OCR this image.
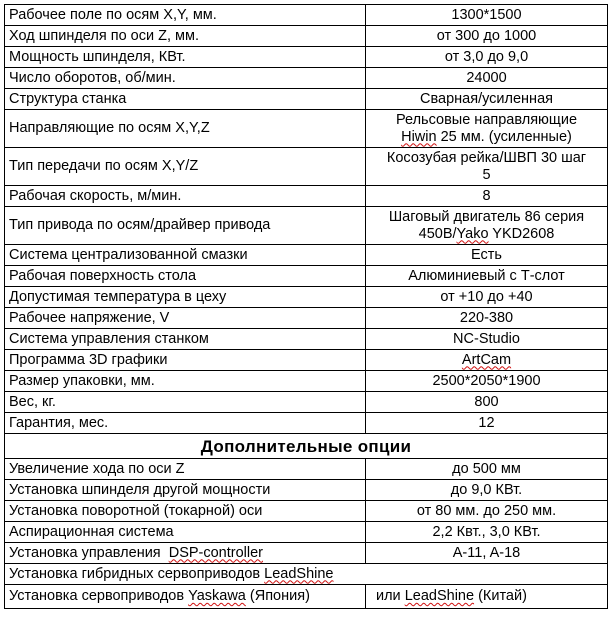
Рабочее поле по осям X,Y, мм.	1300*1500
Ход шпинделя по оси Z, мм.	от 300 до 1000
Мощность шпинделя, КВт.	от 3,0 до 9,0
Число оборотов, об/мин.	24000
Структура станка	Сварная/усиленная
Направляющие по осям X,Y,Z	Рельсовые направляющие
Hiwin 25 мм. (усиленные)
Тип передачи по осям X,Y/Z	Косозубая рейка/ШВП 30 шаг
5
Рабочая скорость, м/мин.	8
Тип привода по осям/драйвер привода	Шаговый двигатель 86 серия
450B/Yako YKD2608
Система централизованной смазки	Есть
Рабочая поверхность стола	Алюминиевый с Т-слот
Допустимая температура в цеху	от +10 до +40
Рабочее напряжение, V	220-380
Система управления станком	NC-Studio
Программа 3D графики	ArtCam
Размер упаковки, мм.	2500*2050*1900
Вес, кг.	800
Гарантия, мес.	12
Дополнительные опции	
Увеличение хода по оси Z	до 500 мм
Установка шпинделя другой мощности	до 9,0 КВт.
Установка поворотной (токарной) оси	от 80 мм. до 250 мм.
Аспирационная система	2,2 Квт., 3,0 КВт.
Установка управления  DSP-controller	A-11, A-18
Установка гибридных сервоприводов LeadShine	
Установка сервоприводов Yaskawa (Япония)	или LeadShine (Китай)
